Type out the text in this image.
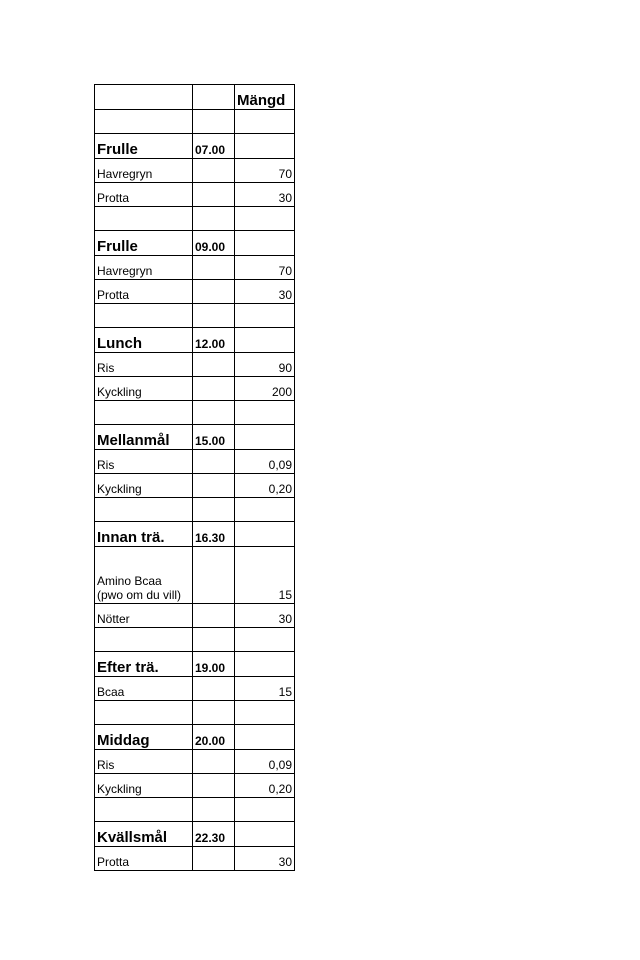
		Mängd

Frulle	07.00	
Havregryn		70
Protta		30

Frulle	09.00	
Havregryn		70
Protta		30

Lunch	12.00	
Ris		90
Kyckling		200

Mellanmål	15.00	
Ris		0,09
Kyckling		0,20

Innan trä.	16.30	
Amino Bcaa (pwo om du vill)		15
Nötter		30

Efter trä.	19.00	
Bcaa		15

Middag	20.00	
Ris		0,09
Kyckling		0,20

Kvällsmål	22.30	
Protta		30
